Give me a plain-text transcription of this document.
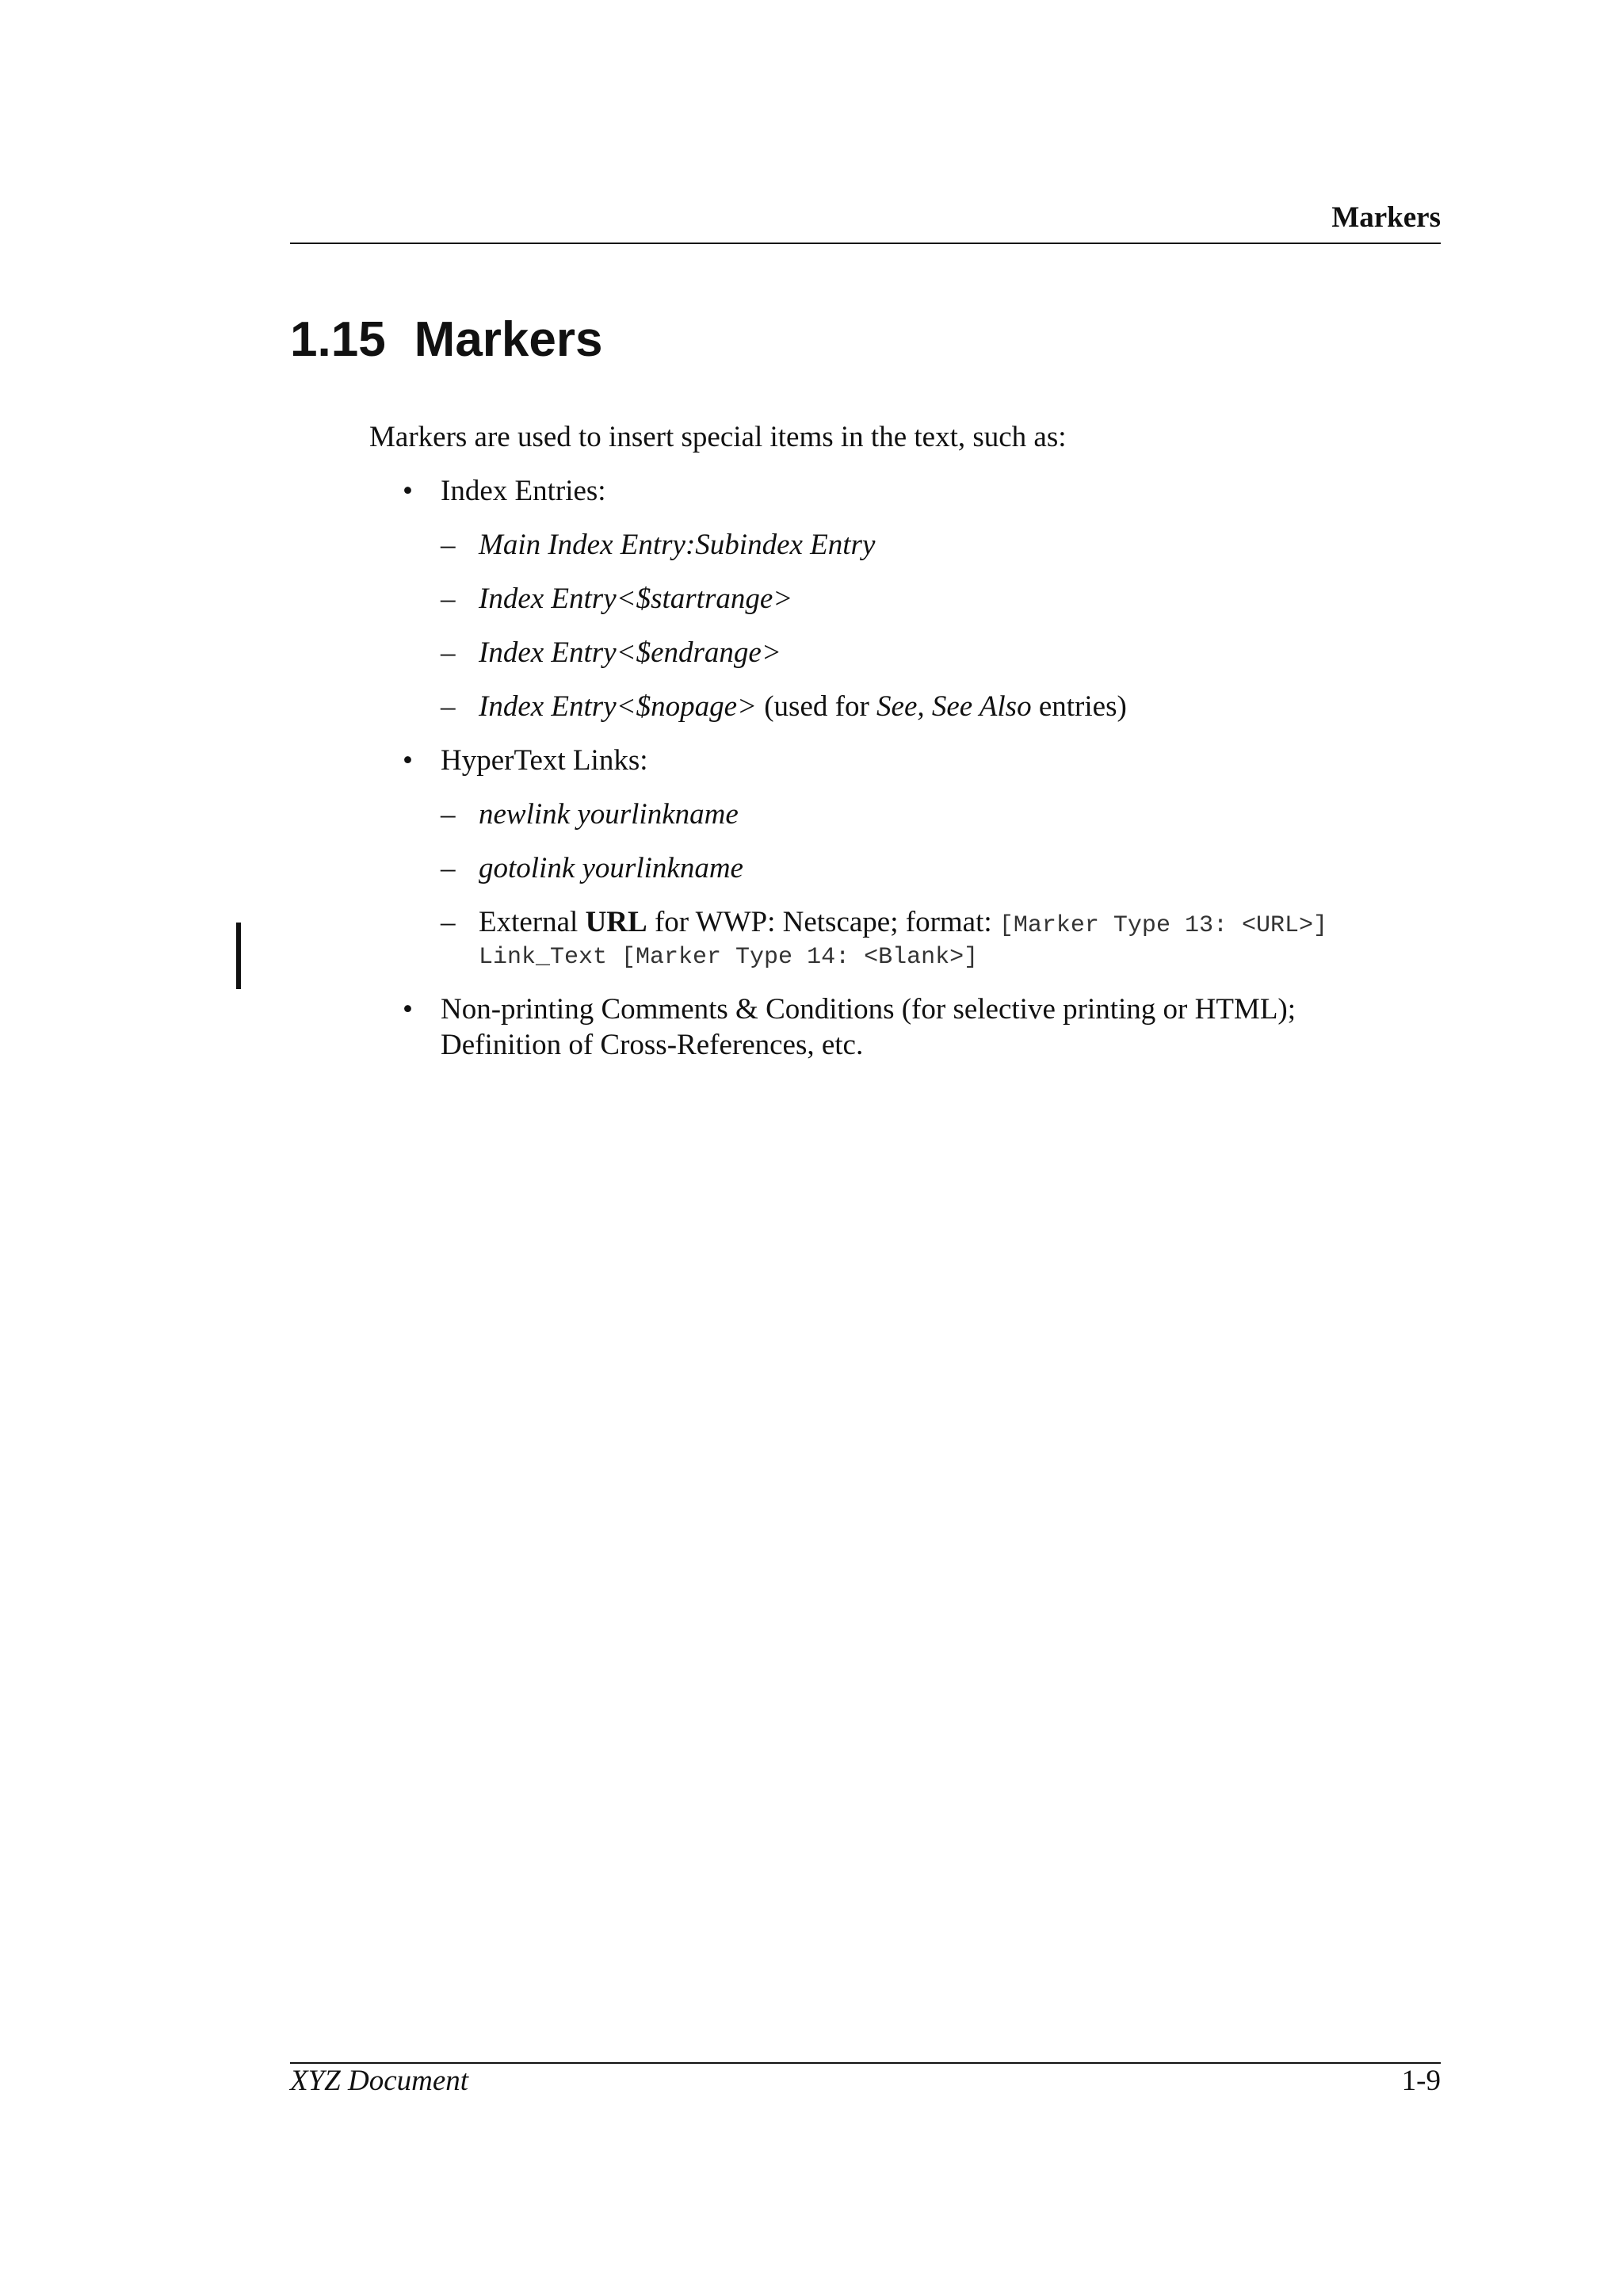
Markers
1.15 Markers
Markers are used to insert special items in the text, such as:
• Index Entries:
– Main Index Entry:Subindex Entry
– Index Entry<$startrange>
– Index Entry<$endrange>
– Index Entry<$nopage> (used for See, See Also entries)
• HyperText Links:
– newlink yourlinkname
– gotolink yourlinkname
– External URL for WWP: Netscape; format: [Marker Type 13: <URL>]
Link_Text [Marker Type 14: <Blank>]
• Non-printing Comments & Conditions (for selective printing or HTML);
Definition of Cross-References, etc.
XYZ Document	1-9
